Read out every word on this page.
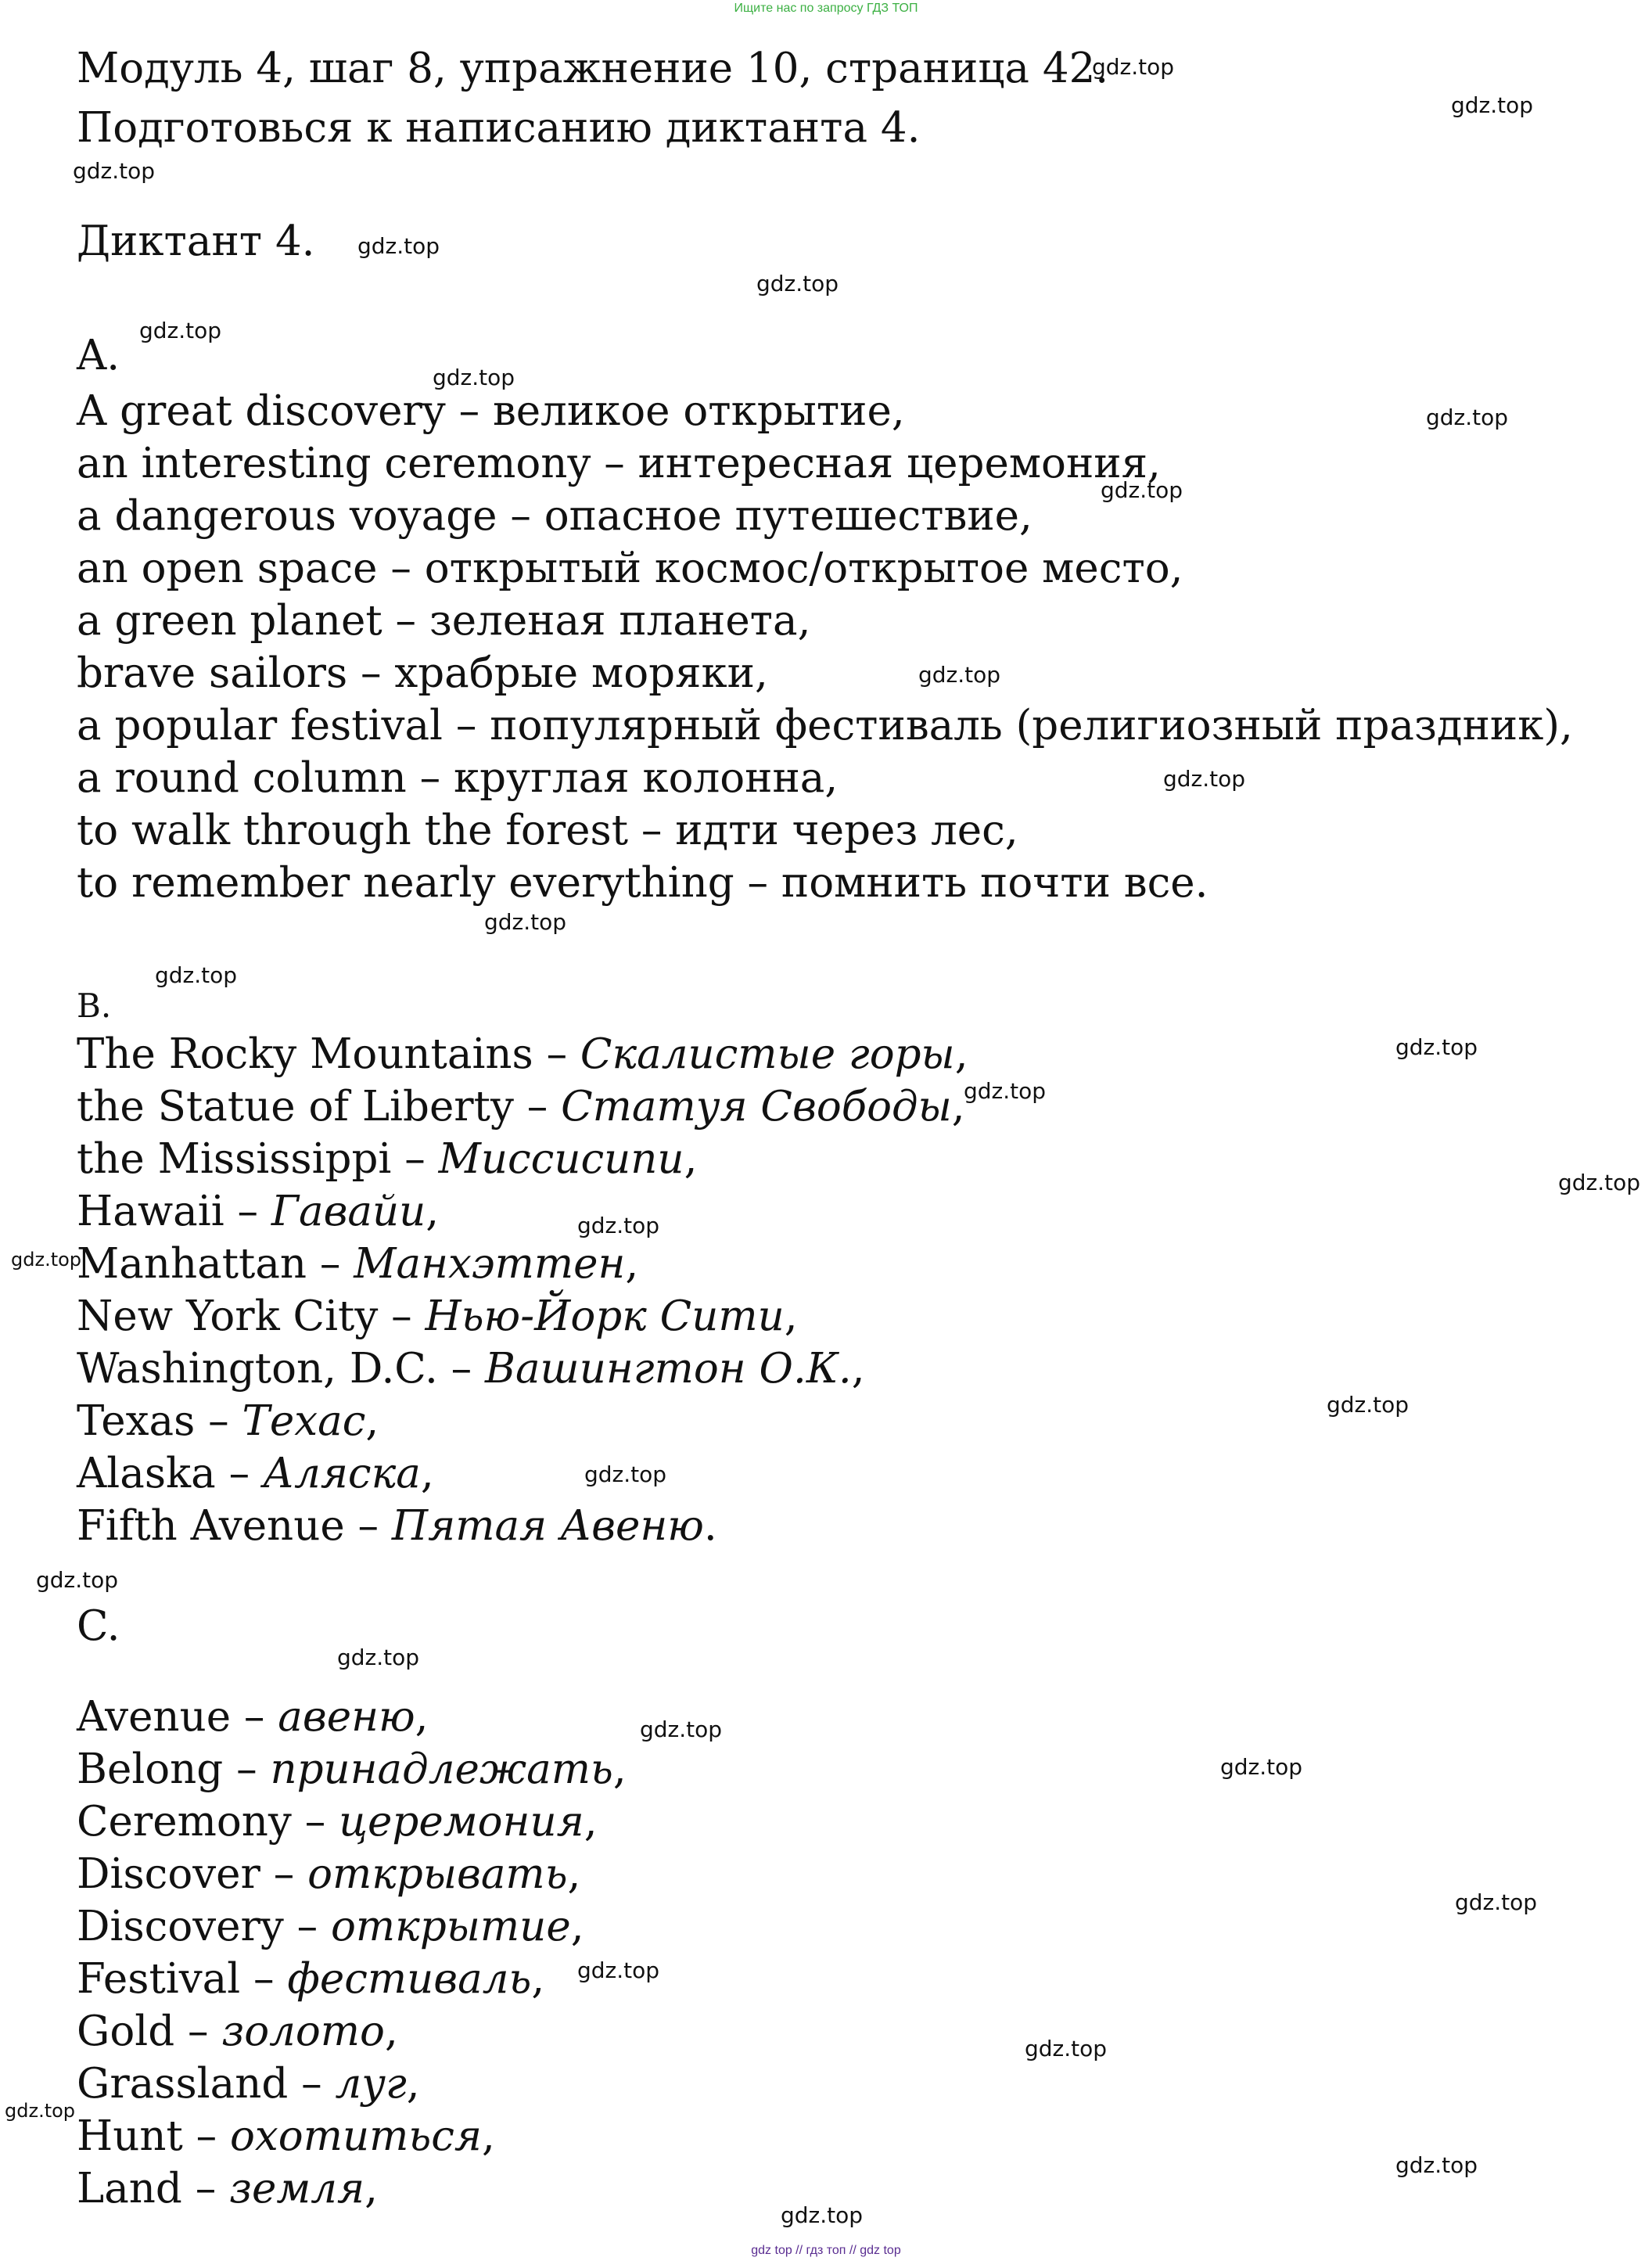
Ищите нас по запросу ГДЗ ТОП
Модуль 4, шаг 8, упражнение 10, страница 42.
Подготовься к написанию диктанта 4.
Диктант 4.
A.
A great discovery – великое открытие,
an interesting ceremony – интересная церемония,
a dangerous voyage – опасное путешествие,
an open space – открытый космос/открытое место,
a green planet – зеленая планета,
brave sailors – храбрые моряки,
a popular festival – популярный фестиваль (религиозный праздник),
a round column – круглая колонна,
to walk through the forest – идти через лес,
to remember nearly everything – помнить почти все.
B.
The Rocky Mountains – Скалистые горы,
the Statue of Liberty – Статуя Свободы,
the Mississippi – Миссисипи,
Hawaii – Гавайи,
Manhattan – Манхэттен,
New York City – Нью-Йорк Сити,
Washington, D.C. – Вашингтон О.К.,
Texas – Техас,
Alaska – Аляска,
Fifth Avenue – Пятая Авеню.
C.
Avenue – авеню,
Belong – принадлежать,
Ceremony – церемония,
Discover – открывать,
Discovery – открытие,
Festival – фестиваль,
Gold – золото,
Grassland – луг,
Hunt – охотиться,
Land – земля,
gdz.top
gdz.top
gdz.top
gdz.top
gdz.top
gdz.top
gdz.top
gdz.top
gdz.top
gdz.top
gdz.top
gdz.top
gdz.top
gdz.top
gdz.top
gdz.top
gdz.top
gdz.top
gdz.top
gdz.top
gdz.top
gdz.top
gdz.top
gdz.top
gdz.top
gdz.top
gdz.top
gdz.top
gdz.top
gdz.top
gdz top // гдз топ // gdz top
